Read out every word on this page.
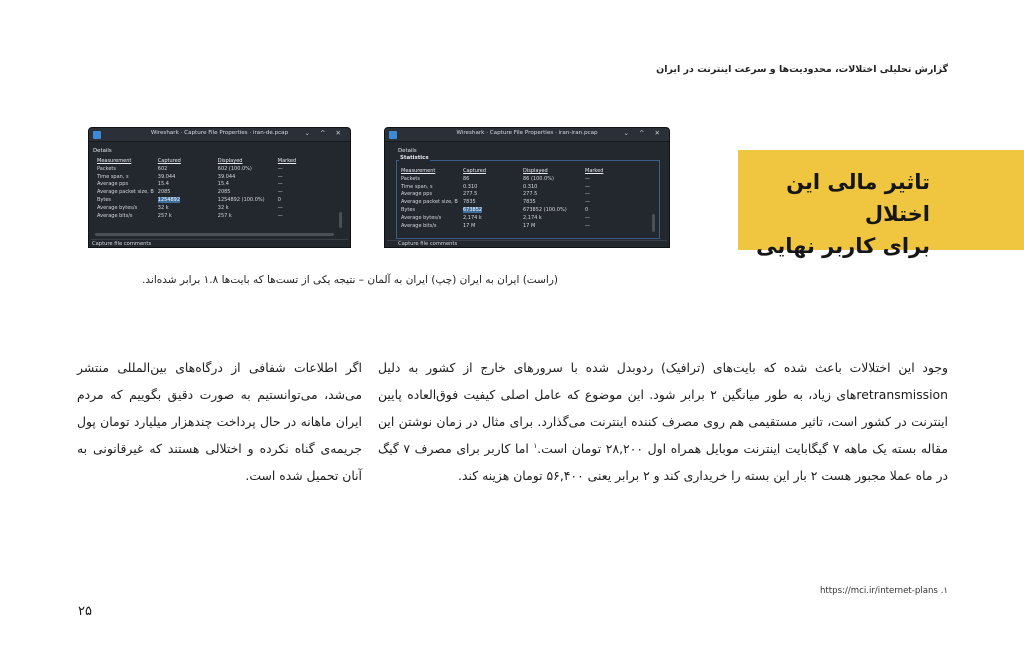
گزارش تحلیلی اختلالات، محدودیت‌ها و سرعت اینترنت در ایران
Wireshark · Capture File Properties · iran-de.pcap	⌄ ^ ✕
Details
Measurement	Captured	Displayed	Marked
Packets	602	602 (100.0%)	—
Time span, s	39.044	39.044	—
Average pps	15.4	15.4	—
Average packet size, B	2085	2085	—
Bytes	1254892	1254892 (100.0%)	0
Average bytes/s	32 k	32 k	—
Average bits/s	257 k	257 k	—
Capture file comments
Wireshark · Capture File Properties · iran-iran.pcap	⌄ ^ ✕
Details
Statistics
Measurement	Captured	Displayed	Marked
Packets	86	86 (100.0%)	—
Time span, s	0.310	0.310	—
Average pps	277.5	277.5	—
Average packet size, B	7835	7835	—
Bytes	673852	673852 (100.0%)	0
Average bytes/s	2,174 k	2,174 k	—
Average bits/s	17 M	17 M	—
Capture file comments
(راست) ایران به ایران (چپ) ایران به آلمان – نتیجه یکی از تست‌ها که بایت‌ها ۱.۸ برابر شده‌اند.
تاثیر مالی این اختلال
برای کاربر نهایی
وجود این اختلالات باعث شده که بایت‌های (ترافیک) ردوبدل شده با سرورهای خارج از کشور به دلیل retransmissionهای زیاد، به طور میانگین ۲ برابر شود. این موضوع که عامل اصلی کیفیت فوق‌العاده پایین اینترنت در کشور است، تاثیر مستقیمی هم روی مصرف کننده اینترنت می‌گذارد. برای مثال در زمان نوشتن این مقاله بسته یک ماهه ۷ گیگابایت اینترنت موبایل همراه اول ۲۸,۲۰۰ تومان است.$^۱$ اما کاربر برای مصرف ۷ گیگ در ماه عملا مجبور هست ۲ بار این بسته را خریداری کند و ۲ برابر یعنی ۵۶,۴۰۰ تومان هزینه کند.
اگر اطلاعات شفافی از درگاه‌های بین‌المللی منتشر می‌شد، می‌توانستیم به صورت دقیق بگوییم که مردم ایران ماهانه در حال پرداخت چندهزار میلیارد تومان پول جریمه‌ی گناه نکرده و اختلالی هستند که غیرقانونی به آنان تحمیل شده است.
https://mci.ir/internet-plans .۱
۲۵
